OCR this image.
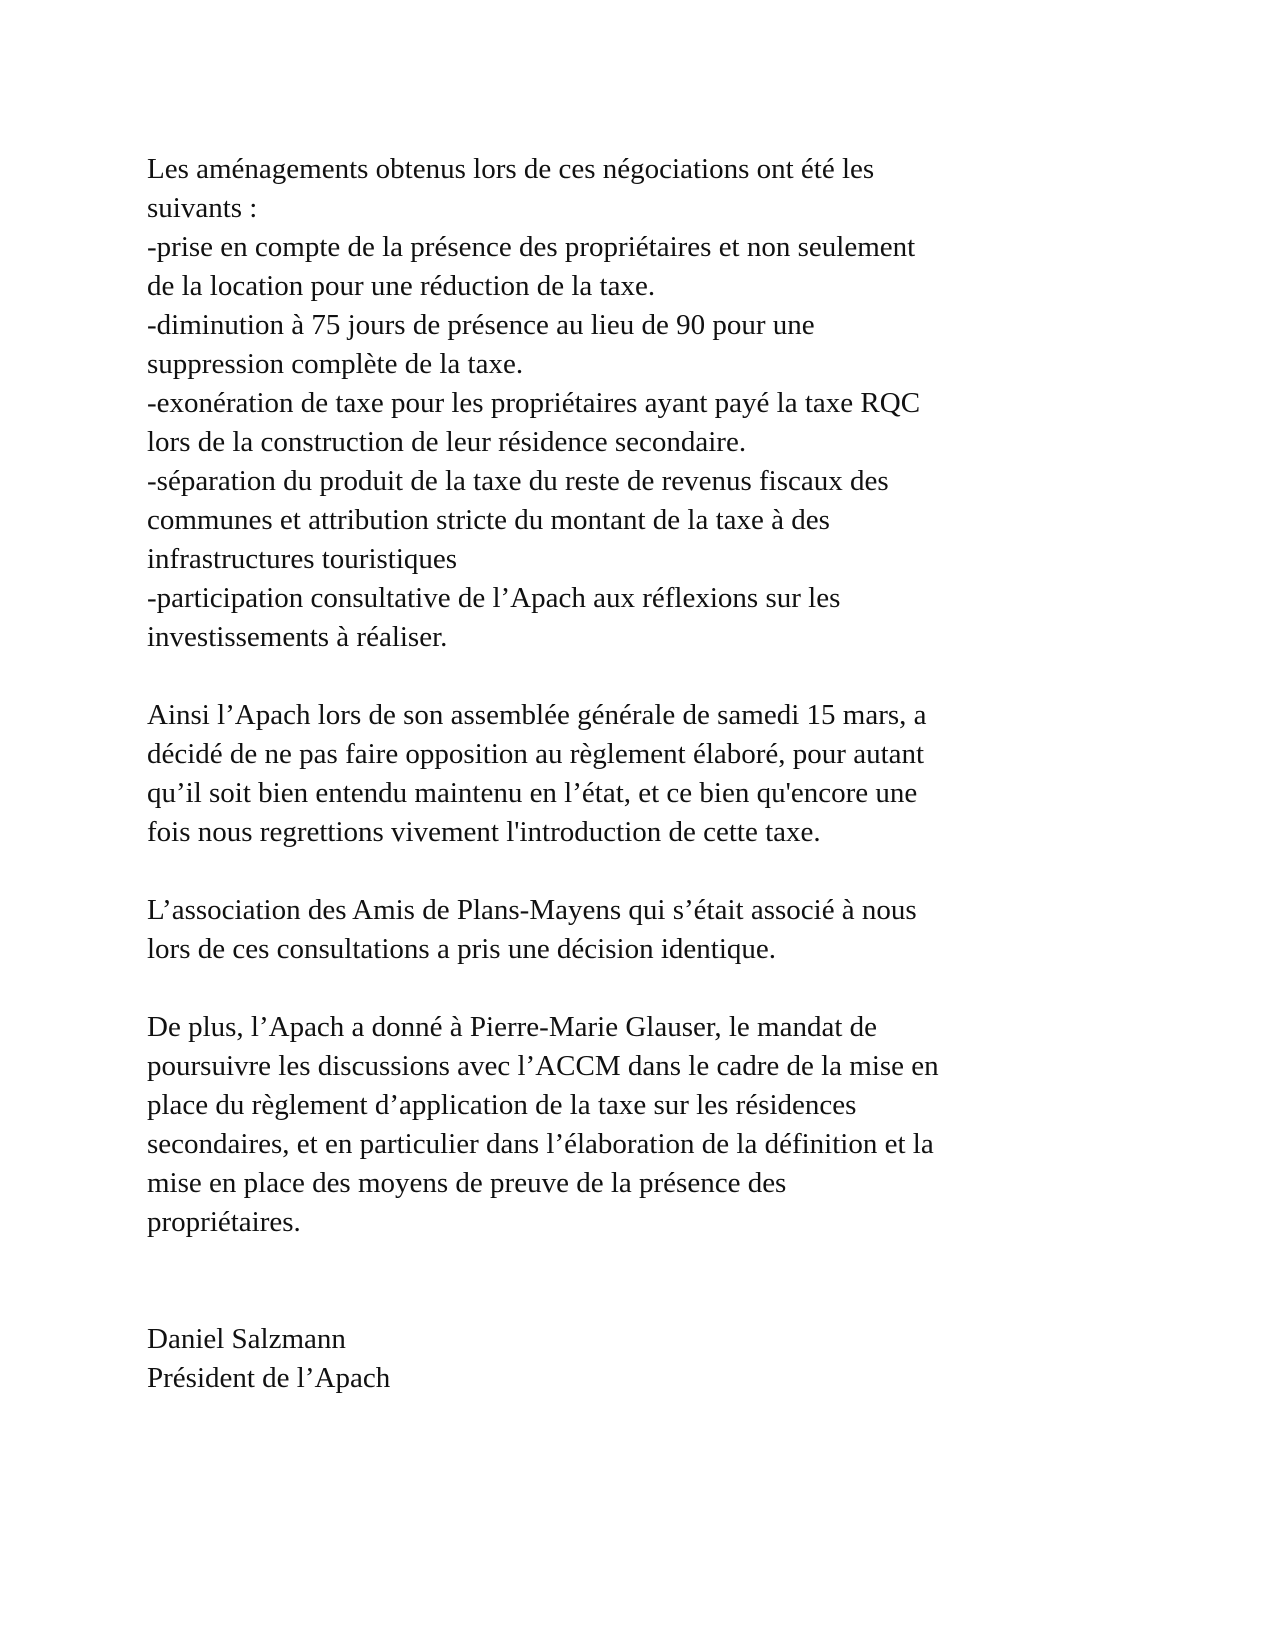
Les aménagements obtenus lors de ces négociations ont été les
suivants :
-prise en compte de la présence des propriétaires et non seulement
de la location pour une réduction de la taxe.
-diminution à 75 jours de présence au lieu de 90 pour une
suppression complète de la taxe.
-exonération de taxe pour les propriétaires ayant payé la taxe RQC
lors de la construction de leur résidence secondaire.
-séparation du produit de la taxe du reste de revenus fiscaux des
communes et attribution stricte du montant de la taxe à des
infrastructures touristiques
-participation consultative de l’Apach aux réflexions sur les
investissements à réaliser.
Ainsi l’Apach lors de son assemblée générale de samedi 15 mars, a
décidé de ne pas faire opposition au règlement élaboré, pour autant
qu’il soit bien entendu maintenu en l’état, et ce bien qu'encore une
fois nous regrettions vivement l'introduction de cette taxe.
L’association des Amis de Plans-Mayens qui s’était associé à nous
lors de ces consultations a pris une décision identique.
De plus, l’Apach a donné à Pierre-Marie Glauser, le mandat de
poursuivre les discussions avec l’ACCM dans le cadre de la mise en
place du règlement d’application de la taxe sur les résidences
secondaires, et en particulier dans l’élaboration de la définition et la
mise en place des moyens de preuve de la présence des
propriétaires.
Daniel Salzmann
Président de l’Apach
